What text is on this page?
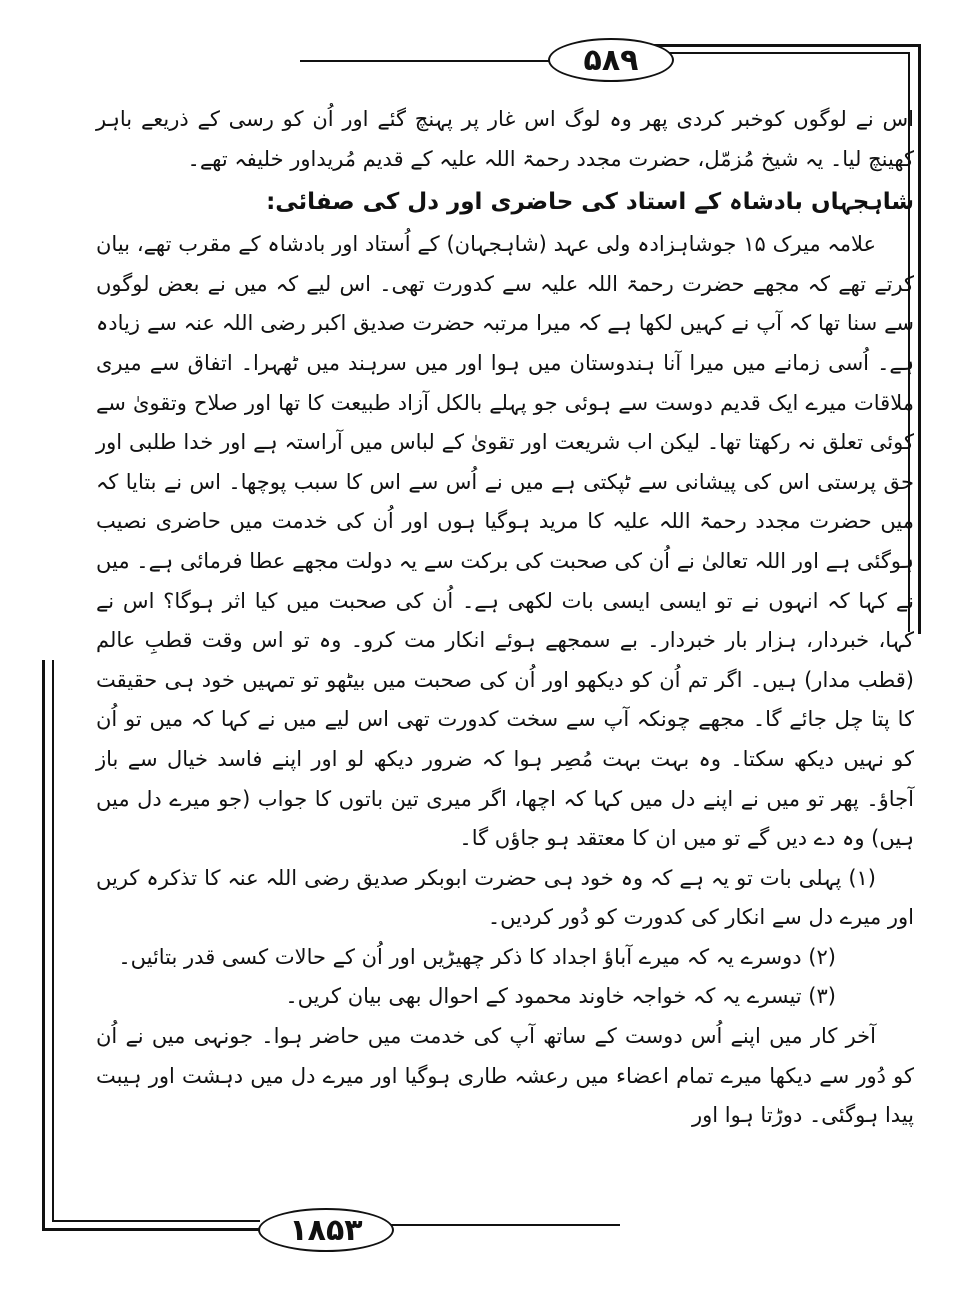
۵۸۹
۱۸۵۳

اس نے لوگوں کوخبر کردی پھر وہ لوگ اس غار پر پہنچ گئے اور اُن کو رسی کے ذریعے باہر کھینچ لیا۔ یہ شیخ مُزمّل، حضرت مجدد رحمۃ اللہ علیہ کے قدیم مُریداور خلیفہ تھے۔

شاہجہاں بادشاہ کے استاد کی حاضری اور دل کی صفائی:

علامہ میرک ۱۵ جوشاہزادہ ولی عہد (شاہجہان) کے اُستاد اور بادشاہ کے مقرب تھے، بیان کرتے تھے کہ مجھے حضرت رحمۃ اللہ علیہ سے کدورت تھی۔ اس لیے کہ میں نے بعض لوگوں سے سنا تھا کہ آپ نے کہیں لکھا ہے کہ میرا مرتبہ حضرت صدیق اکبر رضی اللہ عنہ سے زیادہ ہے۔ اُسی زمانے میں میرا آنا ہندوستان میں ہوا اور میں سرہند میں ٹھہرا۔ اتفاق سے میری ملاقات میرے ایک قدیم دوست سے ہوئی جو پہلے بالکل آزاد طبیعت کا تھا اور صلاح وتقویٰ سے کوئی تعلق نہ رکھتا تھا۔ لیکن اب شریعت اور تقویٰ کے لباس میں آراستہ ہے اور خدا طلبی اور حق پرستی اس کی پیشانی سے ٹپکتی ہے میں نے اُس سے اس کا سبب پوچھا۔ اس نے بتایا کہ میں حضرت مجدد رحمۃ اللہ علیہ کا مرید ہوگیا ہوں اور اُن کی خدمت میں حاضری نصیب ہوگئی ہے اور اللہ تعالیٰ نے اُن کی صحبت کی برکت سے یہ دولت مجھے عطا فرمائی ہے۔ میں نے کہا کہ انہوں نے تو ایسی ایسی بات لکھی ہے۔ اُن کی صحبت میں کیا اثر ہوگا؟ اس نے کہا، خبردار، ہزار بار خبردار۔ بے سمجھے ہوئے انکار مت کرو۔ وہ تو اس وقت قطبِ عالم (قطب مدار) ہیں۔ اگر تم اُن کو دیکھو اور اُن کی صحبت میں بیٹھو تو تمہیں خود ہی حقیقت کا پتا چل جائے گا۔ مجھے چونکہ آپ سے سخت کدورت تھی اس لیے میں نے کہا کہ میں تو اُن کو نہیں دیکھ سکتا۔ وہ بہت بہت مُصِر ہوا کہ ضرور دیکھ لو اور اپنے فاسد خیال سے باز آجاؤ۔ پھر تو میں نے اپنے دل میں کہا کہ اچھا، اگر میری تین باتوں کا جواب (جو میرے دل میں ہیں) وہ دے دیں گے تو میں ان کا معتقد ہو جاؤں گا۔

(۱) پہلی بات تو یہ ہے کہ وہ خود ہی حضرت ابوبکر صدیق رضی اللہ عنہ کا تذکرہ کریں اور میرے دل سے انکار کی کدورت کو دُور کردیں۔

(۲) دوسرے یہ کہ میرے آباؤ اجداد کا ذکر چھیڑیں اور اُن کے حالات کسی قدر بتائیں۔

(۳) تیسرے یہ کہ خواجہ خاوند محمود کے احوال بھی بیان کریں۔

آخر کار میں اپنے اُس دوست کے ساتھ آپ کی خدمت میں حاضر ہوا۔ جونہی میں نے اُن کو دُور سے دیکھا میرے تمام اعضاء میں رعشہ طاری ہوگیا اور میرے دل میں دہشت اور ہیبت پیدا ہوگئی۔ دوڑتا ہوا اور
